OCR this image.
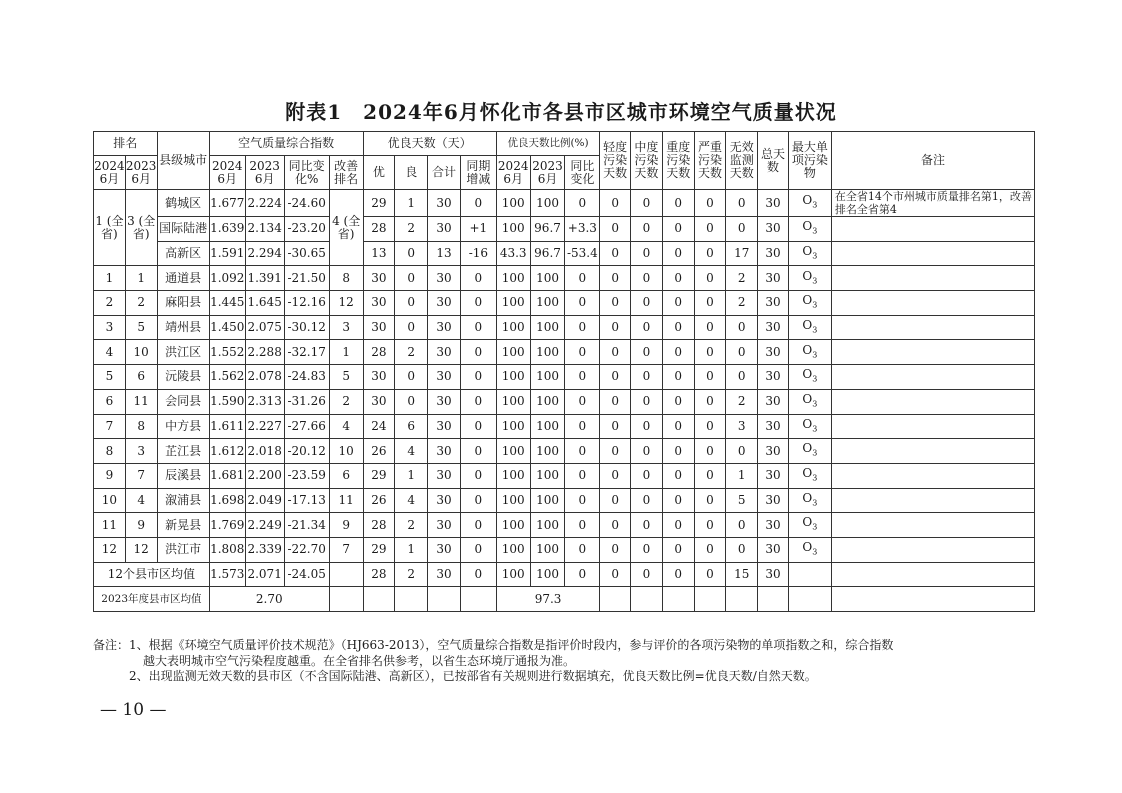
附表1　2024年6月怀化市各县市区城市环境空气质量状况
排名		县级城市	空气质量综合指数				优良天数（天）				优良天数比例(%)			轻度污染天数	中度污染天数	重度污染天数	严重污染天数	无效监测天数	总天数	最大单项污染物	备注
2024 6月	2023 6月		2024 6月	2023 6月	同比变化%	改善排名	优	良	合计	同期增减	2024 6月	2023 6月	同比变化								
1 (全省)	3 (全省)	鹤城区	1.677	2.224	-24.60	4 (全省)	29	1	30	0	100	100	0	0	0	0	0	0	30	$O_3$	在全省14个市州城市质量排名第1，改善排名全省第4
		国际陆港	1.639	2.134	-23.20		28	2	30	+1	100	96.7	+3.3	0	0	0	0	0	30	$O_3$	
		高新区	1.591	2.294	-30.65		13	0	13	-16	43.3	96.7	-53.4	0	0	0	0	17	30	$O_3$	
1	1	通道县	1.092	1.391	-21.50	8	30	0	30	0	100	100	0	0	0	0	0	2	30	$O_3$	
2	2	麻阳县	1.445	1.645	-12.16	12	30	0	30	0	100	100	0	0	0	0	0	2	30	$O_3$	
3	5	靖州县	1.450	2.075	-30.12	3	30	0	30	0	100	100	0	0	0	0	0	0	30	$O_3$	
4	10	洪江区	1.552	2.288	-32.17	1	28	2	30	0	100	100	0	0	0	0	0	0	30	$O_3$	
5	6	沅陵县	1.562	2.078	-24.83	5	30	0	30	0	100	100	0	0	0	0	0	0	30	$O_3$	
6	11	会同县	1.590	2.313	-31.26	2	30	0	30	0	100	100	0	0	0	0	0	2	30	$O_3$	
7	8	中方县	1.611	2.227	-27.66	4	24	6	30	0	100	100	0	0	0	0	0	3	30	$O_3$	
8	3	芷江县	1.612	2.018	-20.12	10	26	4	30	0	100	100	0	0	0	0	0	0	30	$O_3$	
9	7	辰溪县	1.681	2.200	-23.59	6	29	1	30	0	100	100	0	0	0	0	0	1	30	$O_3$	
10	4	溆浦县	1.698	2.049	-17.13	11	26	4	30	0	100	100	0	0	0	0	0	5	30	$O_3$	
11	9	新晃县	1.769	2.249	-21.34	9	28	2	30	0	100	100	0	0	0	0	0	0	30	$O_3$	
12	12	洪江市	1.808	2.339	-22.70	7	29	1	30	0	100	100	0	0	0	0	0	0	30	$O_3$	
12个县市区均值			1.573	2.071	-24.05		28	2	30	0	100	100	0	0	0	0	0	15	30		
2023年度县市区均值			2.70								97.3										

备注：1、根据《环境空气质量评价技术规范》（HJ663-2013），空气质量综合指数是指评价时段内，参与评价的各项污染物的单项指数之和，综合指数

越大表明城市空气污染程度越重。在全省排名供参考，以省生态环境厅通报为准。

2、出现监测无效天数的县市区（不含国际陆港、高新区），已按部省有关规则进行数据填充，优良天数比例=优良天数/自然天数。

— 10 —
